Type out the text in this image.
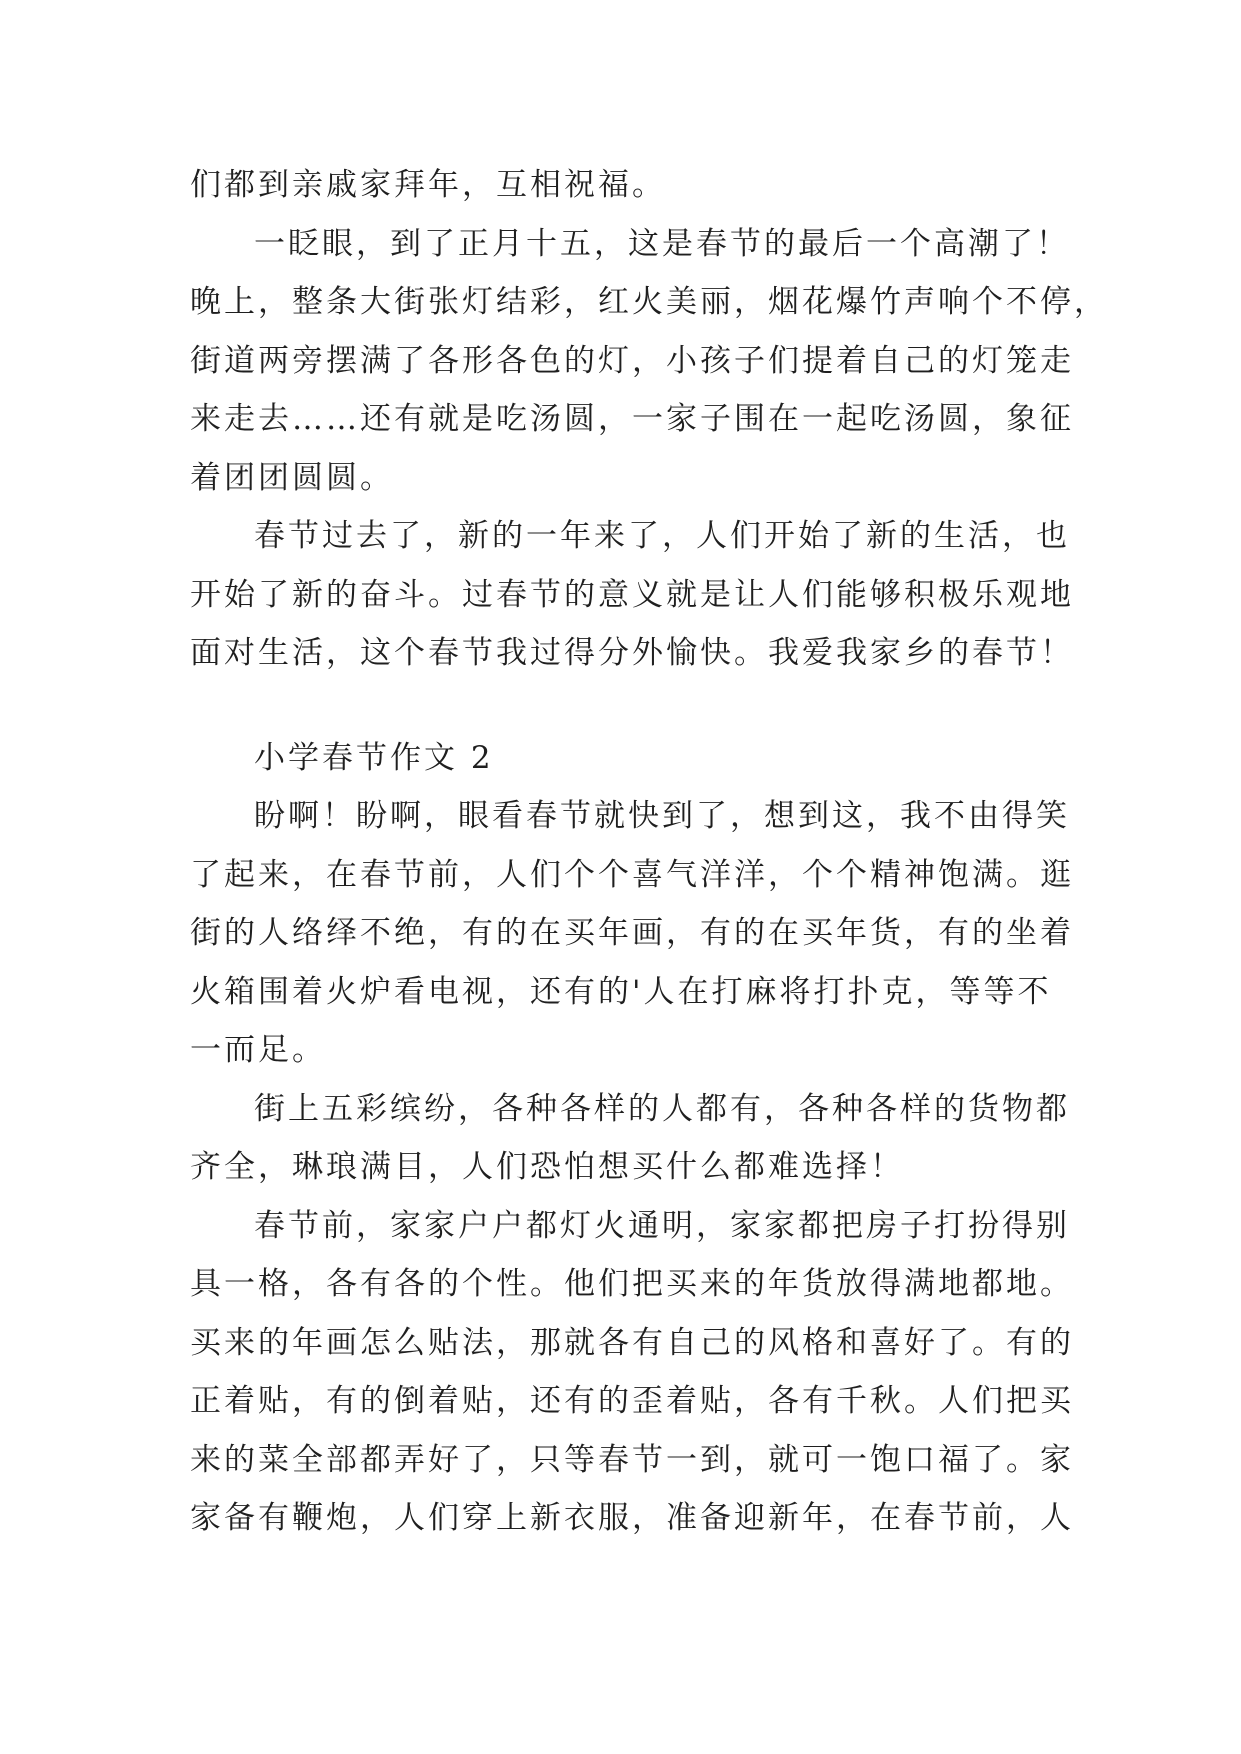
们都到亲戚家拜年，互相祝福。
一眨眼，到了正月十五，这是春节的最后一个高潮了！
晚上，整条大街张灯结彩，红火美丽，烟花爆竹声响个不停，
街道两旁摆满了各形各色的灯，小孩子们提着自己的灯笼走
来走去……还有就是吃汤圆，一家子围在一起吃汤圆，象征
着团团圆圆。
春节过去了，新的一年来了，人们开始了新的生活，也
开始了新的奋斗。过春节的意义就是让人们能够积极乐观地
面对生活，这个春节我过得分外愉快。我爱我家乡的春节！
小学春节作文 2
盼啊！盼啊，眼看春节就快到了，想到这，我不由得笑
了起来，在春节前，人们个个喜气洋洋，个个精神饱满。逛
街的人络绎不绝，有的在买年画，有的在买年货，有的坐着
火箱围着火炉看电视，还有的'人在打麻将打扑克，等等不
一而足。
街上五彩缤纷，各种各样的人都有，各种各样的货物都
齐全，琳琅满目，人们恐怕想买什么都难选择！
春节前，家家户户都灯火通明，家家都把房子打扮得别
具一格，各有各的个性。他们把买来的年货放得满地都地。
买来的年画怎么贴法，那就各有自己的风格和喜好了。有的
正着贴，有的倒着贴，还有的歪着贴，各有千秋。人们把买
来的菜全部都弄好了，只等春节一到，就可一饱口福了。家
家备有鞭炮，人们穿上新衣服，准备迎新年，在春节前，人
